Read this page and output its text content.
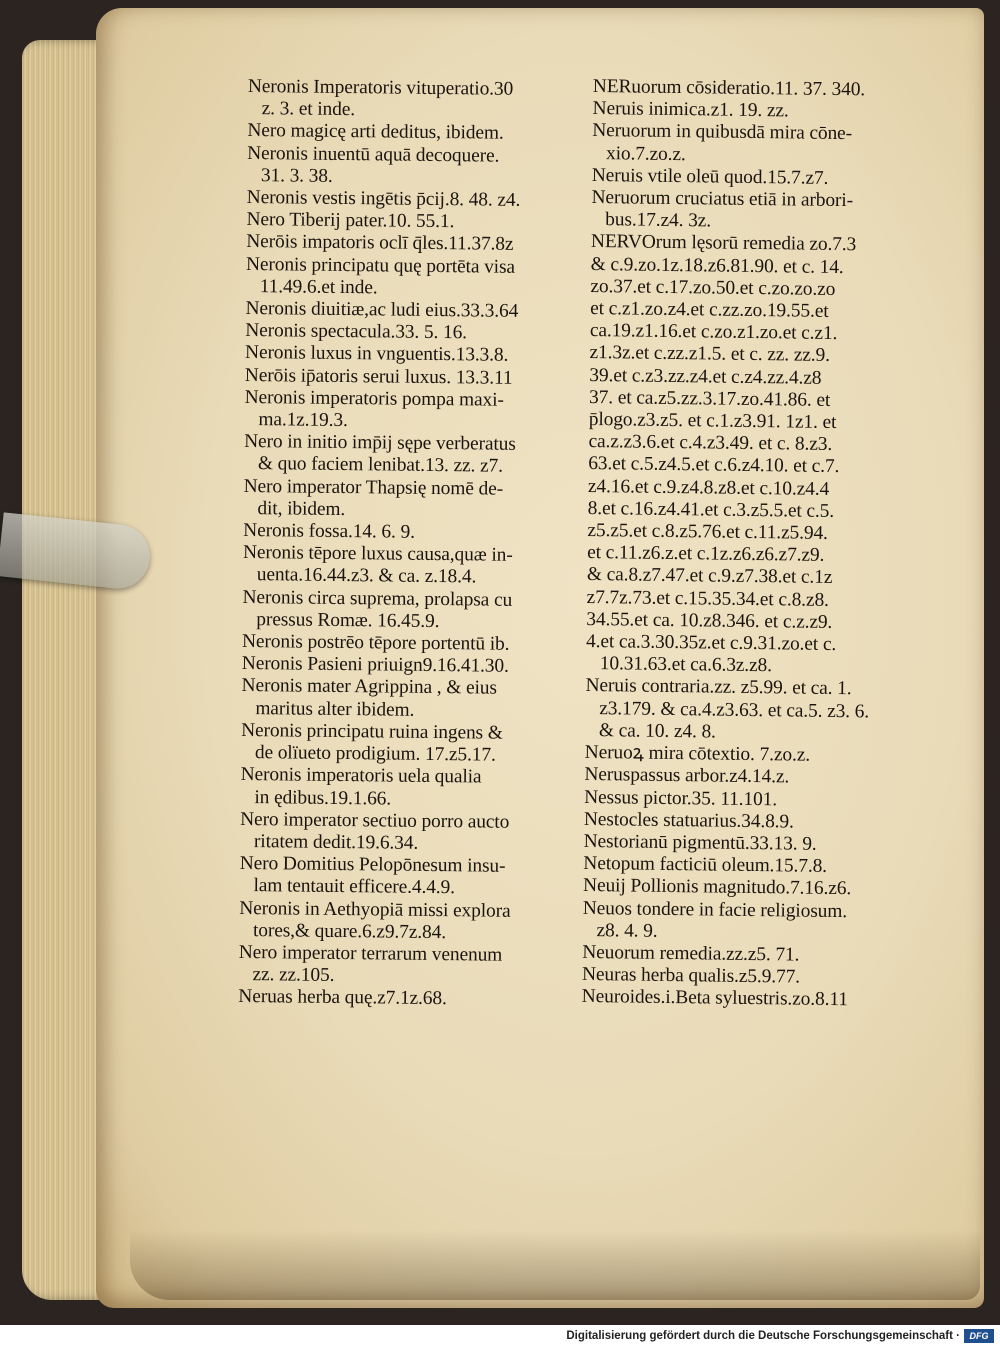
Neronis Imperatoris vituperatio.30
z. 3. et inde.
Nero magicę arti deditus, ibidem.
Neronis inuentū aquā decoquere.
31. 3. 38.
Neronis vestis ingētis p̄cij.8. 48. z4.
Nero Tiberij pater.10. 55.1.
Nerōis impatoris oclī q̄les.11.37.8z
Neronis principatu quę portēta visa
11.49.6.et inde.
Neronis diuitiæ,ac ludi eius.33.3.64
Neronis spectacula.33. 5. 16.
Neronis luxus in vnguentis.13.3.8.
Nerōis ip̄atoris serui luxus. 13.3.11
Neronis imperatoris pompa maxi-
ma.1z.19.3.
Nero in initio imp̄ij sępe verberatus
& quo faciem lenibat.13. zz. z7.
Nero imperator Thapsię nomē de-
dit, ibidem.
Neronis fossa.14. 6. 9.
Neronis tēpore luxus causa,quæ in-
uenta.16.44.z3. & ca. z.18.4.
Neronis circa suprema, prolapsa cu
pressus Romæ. 16.45.9.
Neronis postrēo tēpore portentū ib.
Neronis Pasieni priuign9.16.41.30.
Neronis mater Agrippina , & eius
maritus alter ibidem.
Neronis principatu ruina ingens &
de olïueto prodigium. 17.z5.17.
Neronis imperatoris uela qualia
in ędibus.19.1.66.
Nero imperator sectiuo porro aucto
ritatem dedit.19.6.34.
Nero Domitius Pelopōnesum insu-
lam tentauit efficere.4.4.9.
Neronis in Aethyopiā missi explora
tores,& quare.6.z9.7z.84.
Nero imperator terrarum venenum
zz. zz.105.
Neruas herba quę.z7.1z.68.
NERuorum cōsideratio.11. 37. 340.
Neruis inimica.z1. 19. zz.
Neruorum in quibusdā mira cōne-
xio.7.zo.z.
Neruis vtile oleū quod.15.7.z7.
Neruorum cruciatus etiā in arbori-
bus.17.z4. 3z.
NERVOrum lęsorū remedia zo.7.3
& c.9.zo.1z.18.z6.81.90. et c. 14.
zo.37.et c.17.zo.50.et c.zo.zo.zo
et c.z1.zo.z4.et c.zz.zo.19.55.et
ca.19.z1.16.et c.zo.z1.zo.et c.z1.
z1.3z.et c.zz.z1.5. et c. zz. zz.9.
39.et c.z3.zz.z4.et c.z4.zz.4.z8
37. et ca.z5.zz.3.17.zo.41.86. et
p̄logo.z3.z5. et c.1.z3.91. 1z1. et
ca.z.z3.6.et c.4.z3.49. et c. 8.z3.
63.et c.5.z4.5.et c.6.z4.10. et c.7.
z4.16.et c.9.z4.8.z8.et c.10.z4.4
8.et c.16.z4.41.et c.3.z5.5.et c.5.
z5.z5.et c.8.z5.76.et c.11.z5.94.
et c.11.z6.z.et c.1z.z6.z6.z7.z9.
& ca.8.z7.47.et c.9.z7.38.et c.1z
z7.7z.73.et c.15.35.34.et c.8.z8.
34.55.et ca. 10.z8.346. et c.z.z9.
4.et ca.3.30.35z.et c.9.31.zo.et c.
10.31.63.et ca.6.3z.z8.
Neruis contraria.zz. z5.99. et ca. 1.
z3.179. & ca.4.z3.63. et ca.5. z3. 6.
& ca. 10. z4. 8.
Neruoꝝ mira cōtextio. 7.zo.z.
Neruspassus arbor.z4.14.z.
Nessus pictor.35. 11.101.
Nestocles statuarius.34.8.9.
Nestorianū pigmentū.33.13. 9.
Netopum facticiū oleum.15.7.8.
Neuij Pollionis magnitudo.7.16.z6.
Neuos tondere in facie religiosum.
z8. 4. 9.
Neuorum remedia.zz.z5. 71.
Neuras herba qualis.z5.9.77.
Neuroides.i.Beta syluestris.zo.8.11
Digitalisierung gefördert durch die Deutsche Forschungsgemeinschaft ·	DFG
